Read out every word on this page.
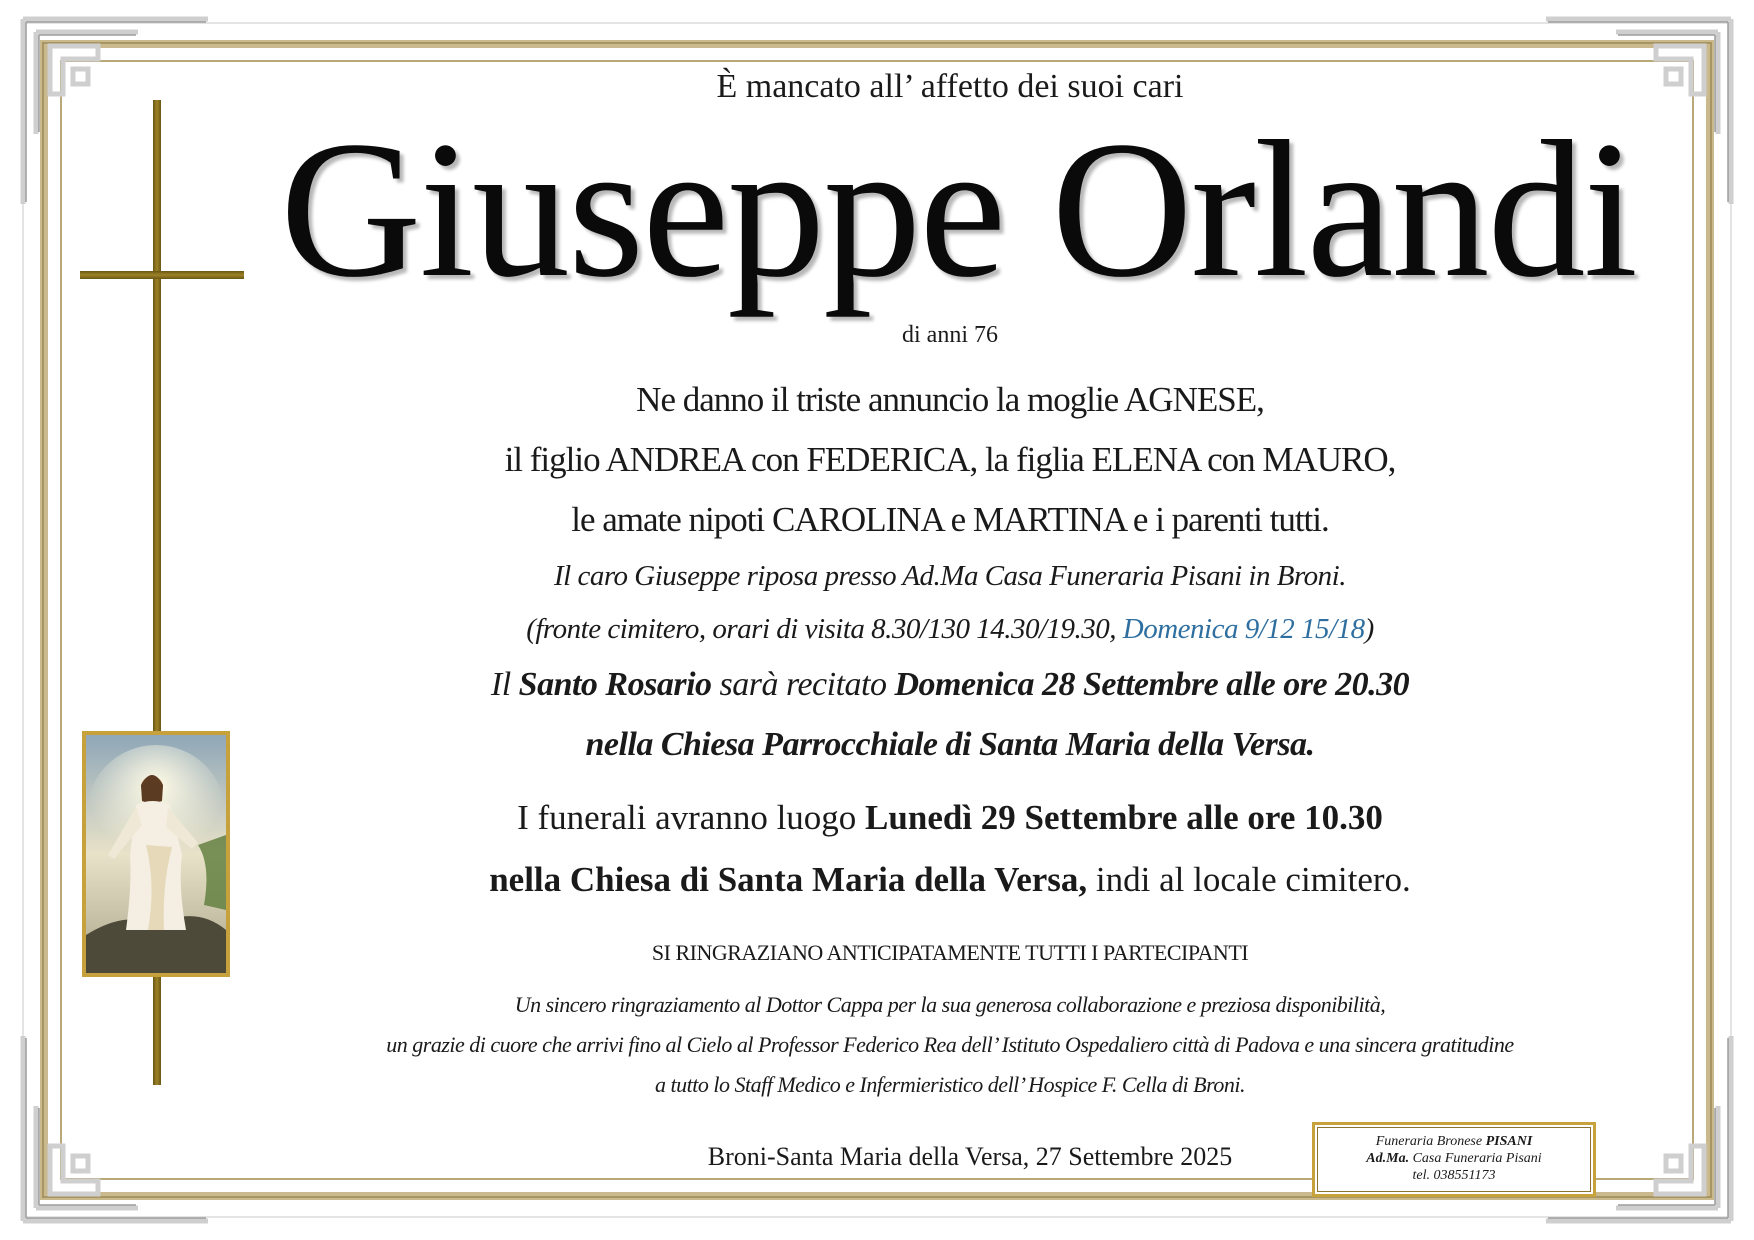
È mancato all’ affetto dei suoi cari
Giuseppe Orlandi
di anni 76
Ne danno il triste annuncio la moglie AGNESE,
il figlio ANDREA con FEDERICA, la figlia ELENA con MAURO,
le amate nipoti CAROLINA e MARTINA e i parenti tutti.
Il caro Giuseppe riposa presso Ad.Ma Casa Funeraria Pisani in Broni.
(fronte cimitero, orari di visita 8.30/130 14.30/19.30, Domenica 9/12 15/18)
Il Santo Rosario sarà recitato Domenica 28 Settembre alle ore 20.30
nella Chiesa Parrocchiale di Santa Maria della Versa.
I funerali avranno luogo Lunedì 29 Settembre alle ore 10.30
nella Chiesa di Santa Maria della Versa, indi al locale cimitero.
SI RINGRAZIANO ANTICIPATAMENTE TUTTI I PARTECIPANTI
Un sincero ringraziamento al Dottor Cappa per la sua generosa collaborazione e preziosa disponibilità,
un grazie di cuore che arrivi fino al Cielo al Professor Federico Rea dell’ Istituto Ospedaliero città di Padova e una sincera gratitudine
a tutto lo Staff Medico e Infermieristico dell’ Hospice F. Cella di Broni.
Broni-Santa Maria della Versa, 27 Settembre 2025
Funeraria Bronese PISANI
Ad.Ma. Casa Funeraria Pisani
tel. 038551173
